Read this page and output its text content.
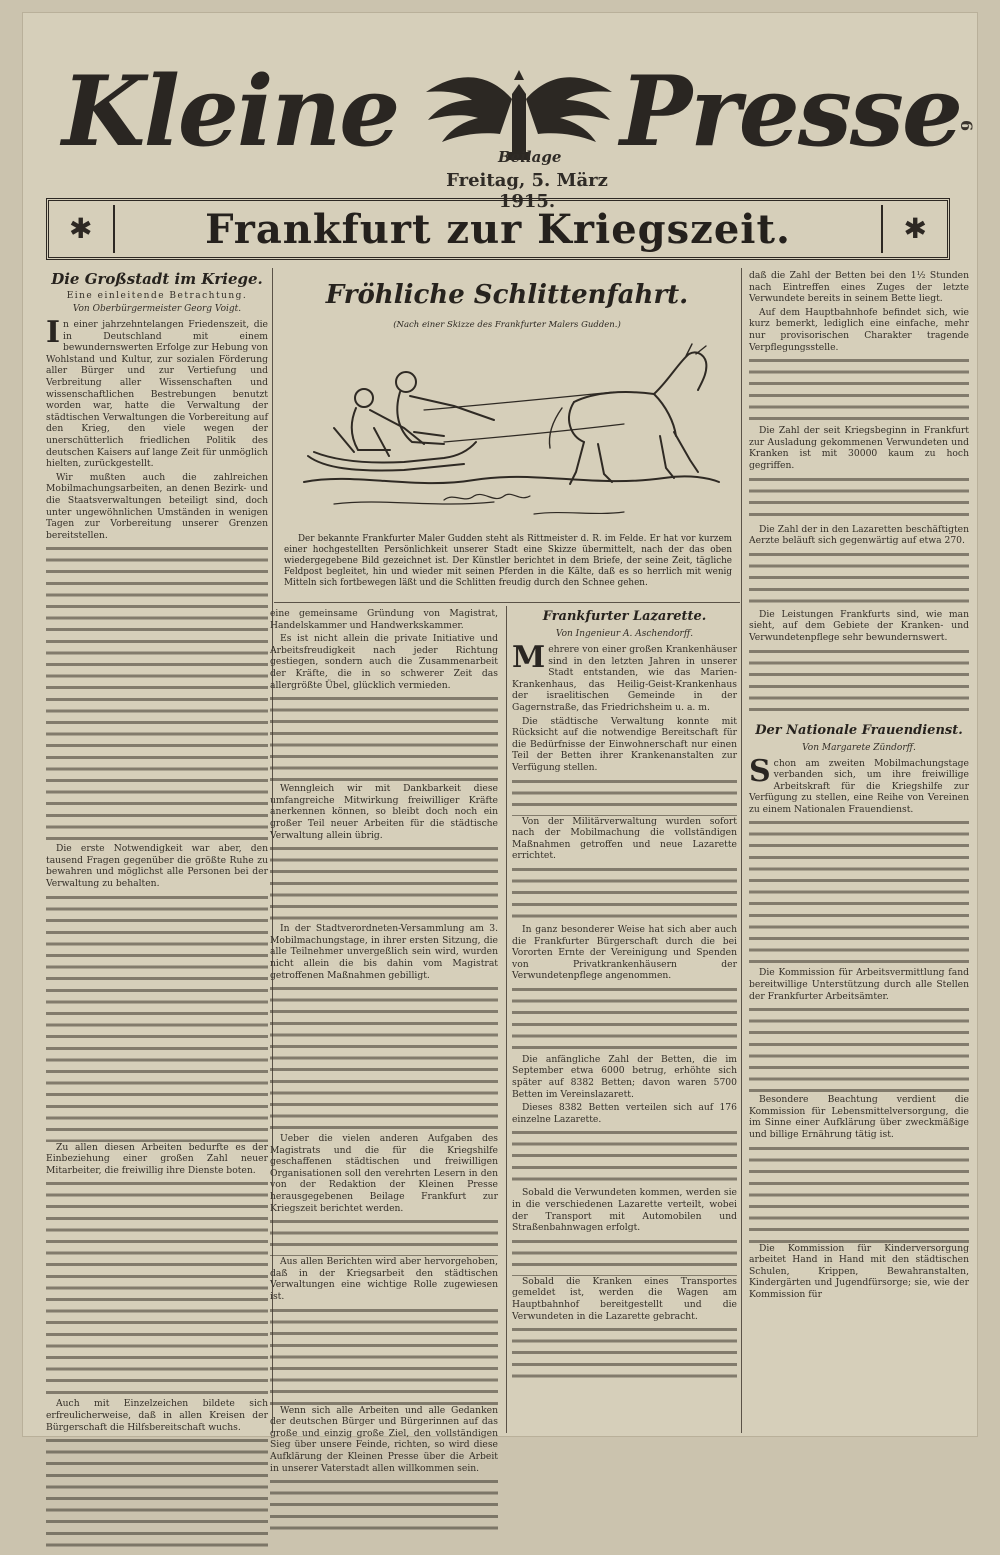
Kleine Presse
Beilage
Freitag, 5. März 1915.
6
✱	Frankfurt zur Kriegszeit.	✱
Die Großstadt im Kriege.
Eine einleitende Betrachtung.
Von Oberbürgermeister Georg Voigt.
I n einer jahrzehntelangen Friedenszeit, die in Deutschland mit einem bewundernswerten Erfolge zur Hebung von Wohlstand und Kultur, zur sozialen Förderung aller Bürger und zur Vertiefung und Verbreitung aller Wissenschaften und wissenschaftlichen Bestrebungen benutzt worden war, hatte die Verwaltung der städtischen Verwaltungen die Vorbereitung auf den Krieg, den viele wegen der unerschütterlich friedlichen Politik des deutschen Kaisers auf lange Zeit für unmöglich hielten, zurückgestellt.

Wir mußten auch die zahlreichen Mobilmachungsarbeiten, an denen Bezirk- und die Staatsverwaltungen beteiligt sind, doch unter ungewöhnlichen Umständen in wenigen Tagen zur Vorbereitung unserer Grenzen bereitstellen.

Die erste Notwendigkeit war aber, den tausend Fragen gegenüber die größte Ruhe zu bewahren und möglichst alle Personen bei der Verwaltung zu behalten.

Zu allen diesen Arbeiten bedurfte es der Einbeziehung einer großen Zahl neuer Mitarbeiter, die freiwillig ihre Dienste boten.

Auch mit Einzelzeichen bildete sich erfreulicherweise, daß in allen Kreisen der Bürgerschaft die Hilfsbereitschaft wuchs.

Fröhliche Schlittenfahrt.
(Nach einer Skizze des Frankfurter Malers Gudden.)

Der bekannte Frankfurter Maler Gudden steht als Rittmeister d. R. im Felde. Er hat vor kurzem einer hochgestellten Persönlichkeit unserer Stadt eine Skizze übermittelt, nach der das oben wiedergegebene Bild gezeichnet ist. Der Künstler berichtet in dem Briefe, der seine Zeit, tägliche Feldpost begleitet, hin und wieder mit seinen Pferden in die Kälte, daß es so herrlich mit wenig Mitteln sich fortbewegen läßt und die Schlitten freudig durch den Schnee gehen.

eine gemeinsame Gründung von Magistrat, Handelskammer und Handwerkskammer.

Es ist nicht allein die private Initiative und Arbeitsfreudigkeit nach jeder Richtung gestiegen, sondern auch die Zusammenarbeit der Kräfte, die in so schwerer Zeit das allergrößte Übel, glücklich vermieden.

Wenngleich wir mit Dankbarkeit diese umfangreiche Mitwirkung freiwilliger Kräfte anerkennen können, so bleibt doch noch ein großer Teil neuer Arbeiten für die städtische Verwaltung allein übrig.

In der Stadtverordneten-Versammlung am 3. Mobilmachungstage, in ihrer ersten Sitzung, die alle Teilnehmer unvergeßlich sein wird, wurden nicht allein die bis dahin vom Magistrat getroffenen Maßnahmen gebilligt.

Ueber die vielen anderen Aufgaben des Magistrats und die für die Kriegshilfe geschaffenen städtischen und freiwilligen Organisationen soll den verehrten Lesern in den von der Redaktion der Kleinen Presse herausgegebenen Beilage Frankfurt zur Kriegszeit berichtet werden.

Aus allen Berichten wird aber hervorgehoben, daß in der Kriegsarbeit den städtischen Verwaltungen eine wichtige Rolle zugewiesen ist.

Wenn sich alle Arbeiten und alle Gedanken der deutschen Bürger und Bürgerinnen auf das große und einzig große Ziel, den vollständigen Sieg über unsere Feinde, richten, so wird diese Aufklärung der Kleinen Presse über die Arbeit in unserer Vaterstadt allen willkommen sein.

Frankfurter Lazarette.
Von Ingenieur A. Aschendorff.
M ehrere von einer großen Krankenhäuser sind in den letzten Jahren in unserer Stadt entstanden, wie das Marien-Krankenhaus, das Heilig-Geist-Krankenhaus der israelitischen Gemeinde in der Gagernstraße, das Friedrichsheim u. a. m.

Die städtische Verwaltung konnte mit Rücksicht auf die notwendige Bereitschaft für die Bedürfnisse der Einwohnerschaft nur einen Teil der Betten ihrer Krankenanstalten zur Verfügung stellen.

Von der Militärverwaltung wurden sofort nach der Mobilmachung die vollständigen Maßnahmen getroffen und neue Lazarette errichtet.

In ganz besonderer Weise hat sich aber auch die Frankfurter Bürgerschaft durch die bei Vororten Ernte der Vereinigung und Spenden von Privatkrankenhäusern der Verwundetenpflege angenommen.

Die anfängliche Zahl der Betten, die im September etwa 6000 betrug, erhöhte sich später auf 8382 Betten; davon waren 5700 Betten im Vereinslazarett.

Dieses 8382 Betten verteilen sich auf 176 einzelne Lazarette.

Sobald die Verwundeten kommen, werden sie in die verschiedenen Lazarette verteilt, wobei der Transport mit Automobilen und Straßenbahnwagen erfolgt.

Sobald die Kranken eines Transportes gemeldet ist, werden die Wagen am Hauptbahnhof bereitgestellt und die Verwundeten in die Lazarette gebracht.

daß die Zahl der Betten bei den 1½ Stunden nach Eintreffen eines Zuges der letzte Verwundete bereits in seinem Bette liegt.

Auf dem Hauptbahnhofe befindet sich, wie kurz bemerkt, lediglich eine einfache, mehr nur provisorischen Charakter tragende Verpflegungsstelle.

Die Zahl der seit Kriegsbeginn in Frankfurt zur Ausladung gekommenen Verwundeten und Kranken ist mit 30000 kaum zu hoch gegriffen.

Die Zahl der in den Lazaretten beschäftigten Aerzte beläuft sich gegenwärtig auf etwa 270.

Die Leistungen Frankfurts sind, wie man sieht, auf dem Gebiete der Kranken- und Verwundetenpflege sehr bewundernswert.

Der Nationale Frauendienst.
Von Margarete Zündorff.
S chon am zweiten Mobilmachungstage verbanden sich, um ihre freiwillige Arbeitskraft für die Kriegshilfe zur Verfügung zu stellen, eine Reihe von Vereinen zu einem Nationalen Frauendienst.

Die Kommission für Arbeitsvermittlung fand bereitwillige Unterstützung durch alle Stellen der Frankfurter Arbeitsämter.

Besondere Beachtung verdient die Kommission für Lebensmittelversorgung, die im Sinne einer Aufklärung über zweckmäßige und billige Ernährung tätig ist.

Die Kommission für Kinderversorgung arbeitet Hand in Hand mit den städtischen Schulen, Krippen, Bewahranstalten, Kindergärten und Jugendfürsorge; sie, wie der Kommission für
